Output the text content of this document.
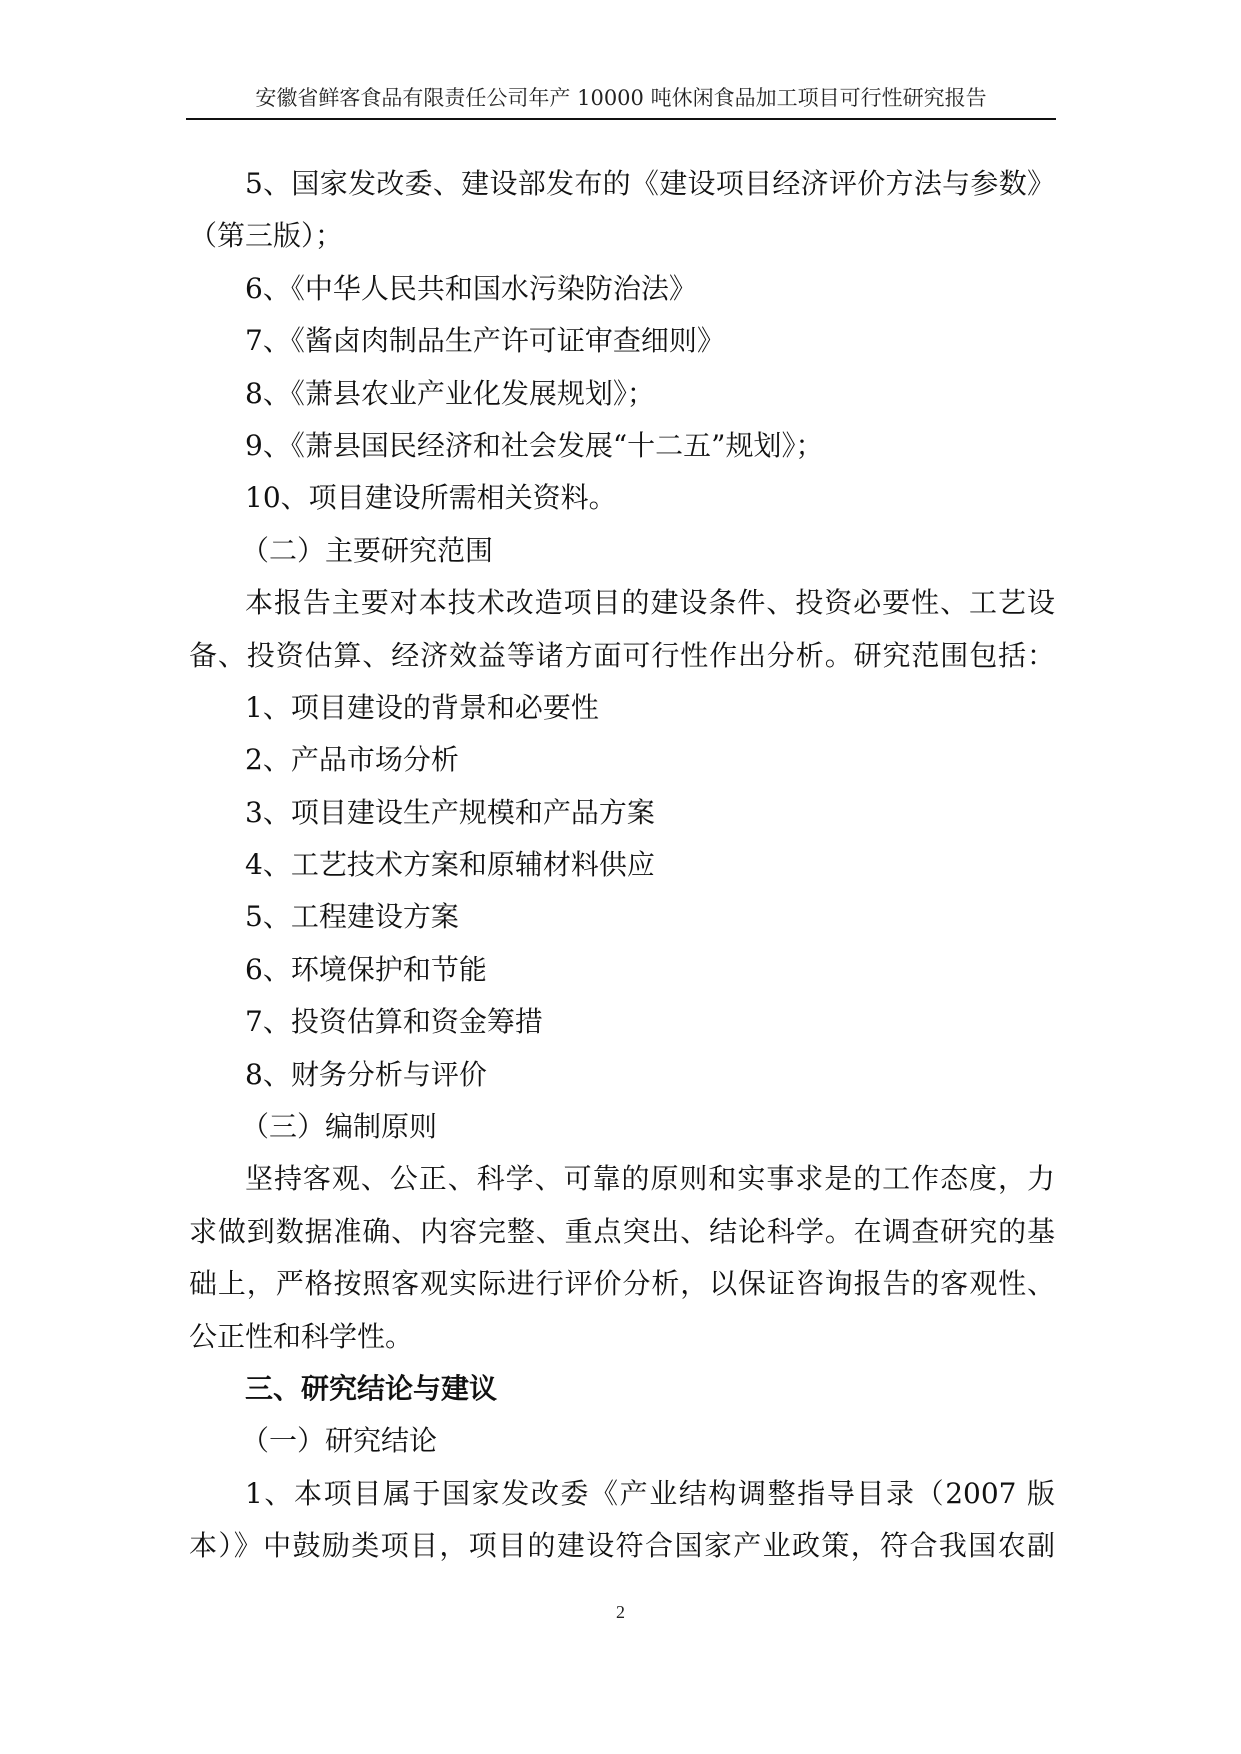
安徽省鲜客食品有限责任公司年产 10000 吨休闲食品加工项目可行性研究报告

5、国家发改委、建设部发布的《建设项目经济评价方法与参数》

（第三版）；

6、《中华人民共和国水污染防治法》

7、《酱卤肉制品生产许可证审查细则》

8、《萧县农业产业化发展规划》；

9、《萧县国民经济和社会发展“十二五”规划》；

10、项目建设所需相关资料。

（二）主要研究范围

本报告主要对本技术改造项目的建设条件、投资必要性、工艺设

备、投资估算、经济效益等诸方面可行性作出分析。研究范围包括：

1、项目建设的背景和必要性

2、产品市场分析

3、项目建设生产规模和产品方案

4、工艺技术方案和原辅材料供应

5、工程建设方案

6、环境保护和节能

7、投资估算和资金筹措

8、财务分析与评价

（三）编制原则

坚持客观、公正、科学、可靠的原则和实事求是的工作态度，力

求做到数据准确、内容完整、重点突出、结论科学。在调查研究的基

础上，严格按照客观实际进行评价分析，以保证咨询报告的客观性、

公正性和科学性。

三、研究结论与建议

（一）研究结论

1、本项目属于国家发改委《产业结构调整指导目录（2007 版

本）》中鼓励类项目，项目的建设符合国家产业政策，符合我国农副

2
